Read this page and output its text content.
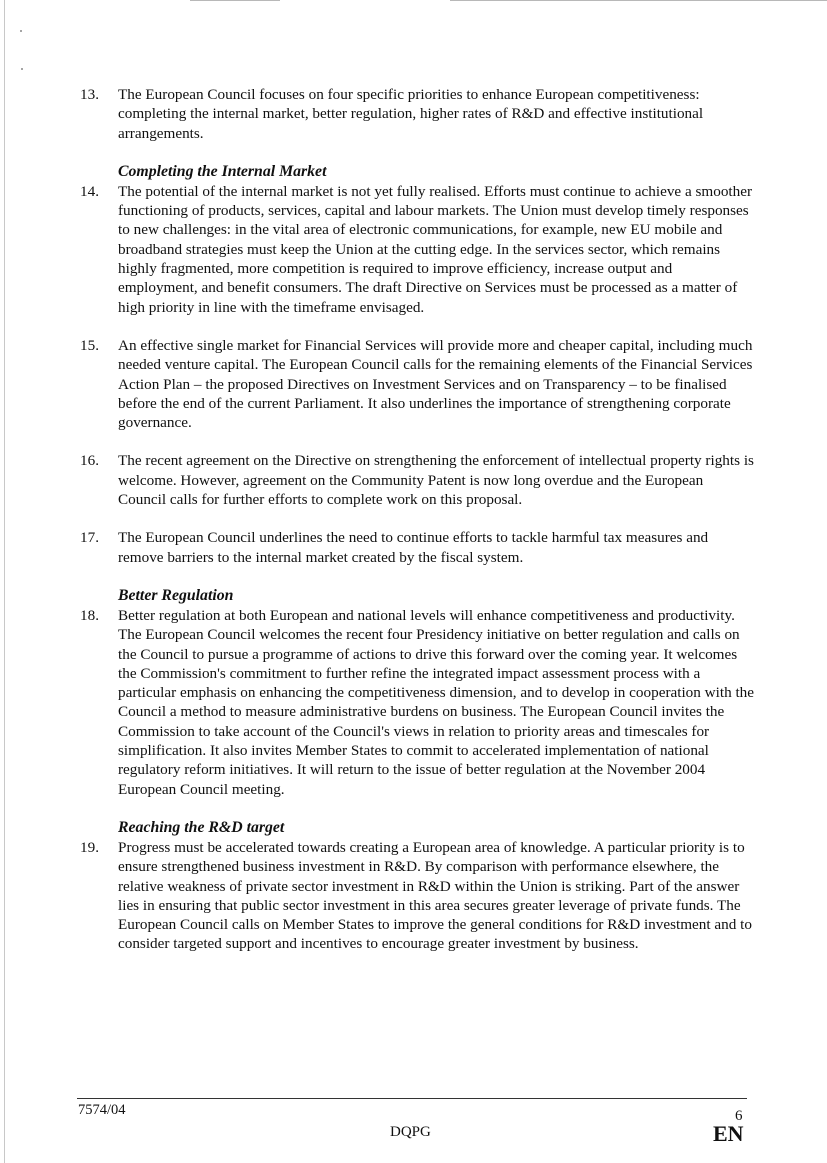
13. The European Council focuses on four specific priorities to enhance European competitiveness: completing the internal market, better regulation, higher rates of R&D and effective institutional arrangements.
Completing the Internal Market
14. The potential of the internal market is not yet fully realised. Efforts must continue to achieve a smoother functioning of products, services, capital and labour markets. The Union must develop timely responses to new challenges: in the vital area of electronic communications, for example, new EU mobile and broadband strategies must keep the Union at the cutting edge. In the services sector, which remains highly fragmented, more competition is required to improve efficiency, increase output and employment, and benefit consumers. The draft Directive on Services must be processed as a matter of high priority in line with the timeframe envisaged.
15. An effective single market for Financial Services will provide more and cheaper capital, including much needed venture capital. The European Council calls for the remaining elements of the Financial Services Action Plan – the proposed Directives on Investment Services and on Transparency – to be finalised before the end of the current Parliament. It also underlines the importance of strengthening corporate governance.
16. The recent agreement on the Directive on strengthening the enforcement of intellectual property rights is welcome. However, agreement on the Community Patent is now long overdue and the European Council calls for further efforts to complete work on this proposal.
17. The European Council underlines the need to continue efforts to tackle harmful tax measures and remove barriers to the internal market created by the fiscal system.
Better Regulation
18. Better regulation at both European and national levels will enhance competitiveness and productivity. The European Council welcomes the recent four Presidency initiative on better regulation and calls on the Council to pursue a programme of actions to drive this forward over the coming year. It welcomes the Commission's commitment to further refine the integrated impact assessment process with a particular emphasis on enhancing the competitiveness dimension, and to develop in cooperation with the Council a method to measure administrative burdens on business. The European Council invites the Commission to take account of the Council's views in relation to priority areas and timescales for simplification. It also invites Member States to commit to accelerated implementation of national regulatory reform initiatives. It will return to the issue of better regulation at the November 2004 European Council meeting.
Reaching the R&D target
19. Progress must be accelerated towards creating a European area of knowledge. A particular priority is to ensure strengthened business investment in R&D. By comparison with performance elsewhere, the relative weakness of private sector investment in R&D within the Union is striking. Part of the answer lies in ensuring that public sector investment in this area secures greater leverage of private funds. The European Council calls on Member States to improve the general conditions for R&D investment and to consider targeted support and incentives to encourage greater investment by business.
7574/04	6
DQPG	EN
